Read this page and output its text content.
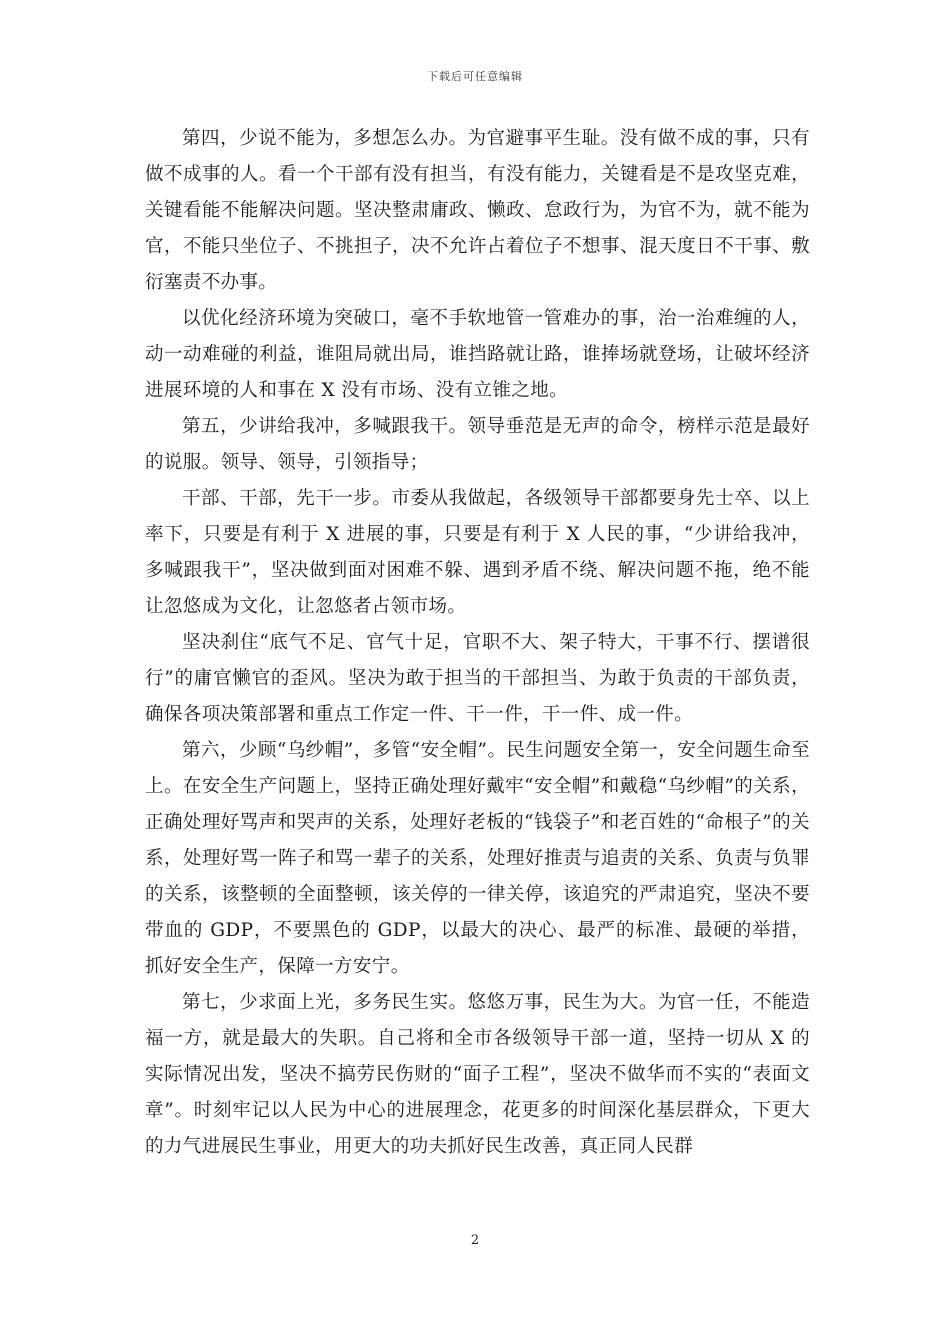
下载后可任意编辑

第四，少说不能为，多想怎么办。为官避事平生耻。没有做不成的事，只有做不成事的人。看一个干部有没有担当，有没有能力，关键看是不是攻坚克难，关键看能不能解决问题。坚决整肃庸政、懒政、怠政行为，为官不为，就不能为官，不能只坐位子、不挑担子，决不允许占着位子不想事、混天度日不干事、敷衍塞责不办事。

以优化经济环境为突破口，毫不手软地管一管难办的事，治一治难缠的人，动一动难碰的利益，谁阻局就出局，谁挡路就让路，谁捧场就登场，让破坏经济进展环境的人和事在 X 没有市场、没有立锥之地。

第五，少讲给我冲，多喊跟我干。领导垂范是无声的命令，榜样示范是最好的说服。领导、领导，引领指导；

干部、干部，先干一步。市委从我做起，各级领导干部都要身先士卒、以上率下，只要是有利于 X 进展的事，只要是有利于 X 人民的事，“少讲给我冲，多喊跟我干”，坚决做到面对困难不躲、遇到矛盾不绕、解决问题不拖，绝不能让忽悠成为文化，让忽悠者占领市场。

坚决刹住“底气不足、官气十足，官职不大、架子特大，干事不行、摆谱很行”的庸官懒官的歪风。坚决为敢于担当的干部担当、为敢于负责的干部负责，确保各项决策部署和重点工作定一件、干一件，干一件、成一件。

第六，少顾“乌纱帽”，多管“安全帽”。民生问题安全第一，安全问题生命至上。在安全生产问题上，坚持正确处理好戴牢“安全帽”和戴稳“乌纱帽”的关系，正确处理好骂声和哭声的关系，处理好老板的“钱袋子”和老百姓的“命根子”的关系，处理好骂一阵子和骂一辈子的关系，处理好推责与追责的关系、负责与负罪的关系，该整顿的全面整顿，该关停的一律关停，该追究的严肃追究，坚决不要带血的 GDP，不要黑色的 GDP，以最大的决心、最严的标准、最硬的举措，抓好安全生产，保障一方安宁。

第七，少求面上光，多务民生实。悠悠万事，民生为大。为官一任，不能造福一方，就是最大的失职。自己将和全市各级领导干部一道，坚持一切从 X 的实际情况出发，坚决不搞劳民伤财的“面子工程”，坚决不做华而不实的“表面文章”。时刻牢记以人民为中心的进展理念，花更多的时间深化基层群众，下更大的力气进展民生事业，用更大的功夫抓好民生改善，真正同人民群

2
